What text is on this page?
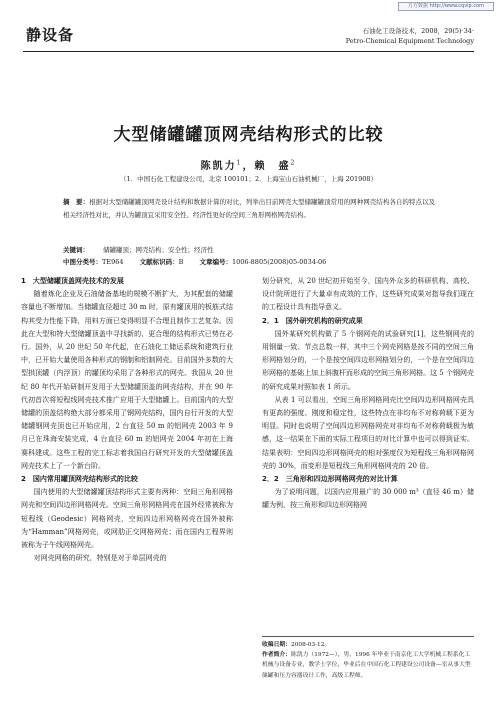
万方数据 http://www.cqvip.com
静设备	石油化工设备技术，2008，29(5)·34·
Petro-Chemical Equipment Technology
大型储罐罐顶网壳结构形式的比较
陈凯力$^1$，赖　盛$^2$
（1．中国石化工程建设公司，北京 100101；2．上海宝山石油机械厂，上海 201908）
摘　要：根据对大型储罐罐顶网壳设计结构和数据计算的对比，列举出目前网壳大型储罐罐顶常用的网种网壳结构各自的特点以及相关经济性对比，并认为罐顶宜采用安全性、经济性更好的空间三角形网格网壳结构。
关键词： 储罐罐顶；网壳结构；安全性；经济性
中图分类号：TE964 文献标识码：B 文章编号：1006-8805(2008)05-0034-06
1　大型储罐顶盖网壳技术的发展

随着炼化企业及石油储备基地的规模不断扩大，为其配套的储罐容量也不断增加。当储罐直径超过 30 m 时，原有罐顶用的板筋式结构其受力性能下降，用料方面已变得明显不合理且制作工艺复杂。因此在大型和特大型储罐顶盖中寻找新的、更合理的结构形式已势在必行。国外，从 20 世纪 50 年代起，在石油化工储运系统和建筑行业中，已开始大量使用各种形式的钢制和铝制网壳。目前国外多数的大型拱顶罐（内浮顶）的罐顶均采用了各种形式的网壳。我国从 20 世纪 80 年代开始研制开发用于大型储罐顶盖的网壳结构，并在 90 年代初首次将短程线网壳技术推广应用于大型储罐上。目前国内的大型储罐的顶盖结构绝大部分都采用了钢网壳结构，国内自行开发的大型储罐钢网壳顶也已开始应用，2 台直径 50 m 的铝网壳 2003 年 9 月已在珠海安装完成，4 台直径 60 m 的铝网壳 2004 年初在上海赛科建成。这些工程的完工标志着我国自行研究开发的大型储罐顶盖网壳技术上了一个新台阶。

2　国内常用罐顶网壳结构形式的比较

国内使用的大型储罐罐顶结构形式主要有两种：空间三角形网格网壳和空间四边形网格网壳。空间三角形网格网壳在国外经常被称为短程线（Geodesic）网格网壳，空间四边形网格网壳在国外被称为“Hamman”网格网壳，或网肋正交网格网壳；而在国内工程界则被称为子午线网格网壳。

对网壳网格的研究，特别是对于单层网壳的

划分研究，从 20 世纪初开始至今，国内外众多的科研机构、高校、设计院所进行了大量卓有成效的工作，这些研究成果对指导我们现在的工程设计具有指导意义。

2．1　国外研究机构的研究成果

国外某研究机构做了 5 个钢网壳的试验研究[1]，这些钢网壳的用钢量一致、节点总数一样，其中三个网壳网格是按不同的空间三角形网格划分的，一个是按空间四边形网格划分的，一个是在空间四边形网格的基础上加上斜腹杆而形成的空间三角形网格。这 5 个钢网壳的研究成果对照如表 1 所示。

从表 1 可以看出，空间三角形网格网壳比空间四边形网格网壳具有更高的强度、刚度和稳定性，这些特点在非均布不对称荷载下更为明显。同时也说明了空间四边形网格网壳对非均布不对称荷载极为敏感，这一结果在下面的实际工程项目的对比计算中也可以得到证实。结果表明：空间四边形网格网壳的相对强度仅为短程线三角形网格网壳的 30%，而变形是短程线三角形网格网壳的 20 倍。

2．2　三角形和四边形网格网壳的对比计算

为了说明问题，以国内应用最广的 30 000 m³（直径 46 m）储罐为例，按三角形和四边形网格网

收稿日期：2008-03-12。
作者简介：陈凯力（1972—），男，1996 年毕业于南京化工大学机械工程系化工机械与设备专业，教学士学位，毕业后在中国石化工程建设公司设备—室从事大型储罐和压力容器设计工作，高级工程师。
